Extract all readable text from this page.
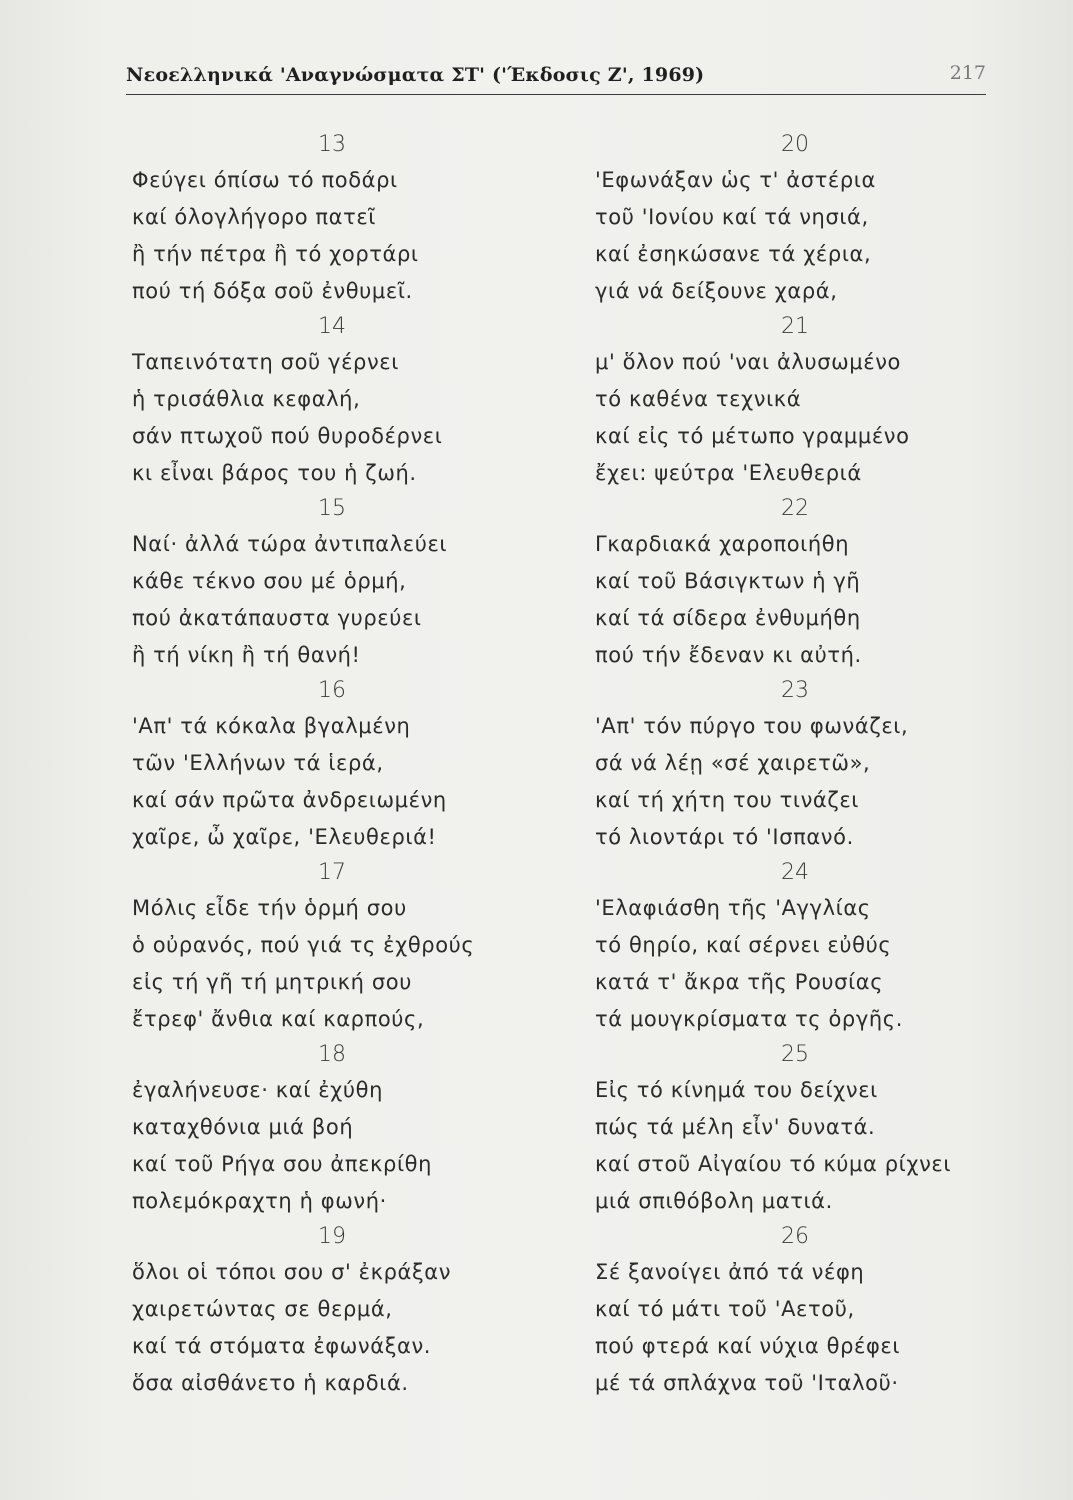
Νεοελληνικά 'Αναγνώσματα ΣΤ' ('Έκδοσις Ζ', 1969)	217
13
Φεύγει όπίσω τό ποδάρι
καί όλογλήγορο πατεῖ
ἢ τήν πέτρα ἢ τό χορτάρι
πού τή δόξα σοῦ ἐνθυμεῖ.
14
Ταπεινότατη σοῦ γέρνει
ἡ τρισάθλια κεφαλή,
σάν πτωχοῦ πού θυροδέρνει
κι εἶναι βάρος του ἡ ζωή.
15
Ναί· ἀλλά τώρα ἀντιπαλεύει
κάθε τέκνο σου μέ ὁρμή,
πού ἀκατάπαυστα γυρεύει
ἢ τή νίκη ἢ τή θανή!
16
'Απ' τά κόκαλα βγαλμένη
τῶν 'Ελλήνων τά ἱερά,
καί σάν πρῶτα ἀνδρειωμένη
χαῖρε, ὦ χαῖρε, 'Ελευθεριά!
17
Μόλις εἶδε τήν ὁρμή σου
ὁ οὐρανός, πού γιά τς ἐχθρούς
εἰς τή γῆ τή μητρική σου
ἔτρεφ' ἄνθια καί καρπούς,
18
ἐγαλήνευσε· καί ἐχύθη
καταχθόνια μιά βοή
καί τοῦ Ρήγα σου ἀπεκρίθη
πολεμόκραχτη ἡ φωνή·
19
ὅλοι οἱ τόποι σου σ' ἐκράξαν
χαιρετώντας σε θερμά,
καί τά στόματα ἐφωνάξαν.
ὅσα αἰσθάνετο ἡ καρδιά.
20
'Εφωνάξαν ὡς τ' ἀστέρια
τοῦ 'Ιονίου καί τά νησιά,
καί ἐσηκώσανε τά χέρια,
γιά νά δείξουνε χαρά,
21
μ' ὅλον πού 'ναι ἀλυσωμένο
τό καθένα τεχνικά
καί εἰς τό μέτωπο γραμμένο
ἔχει: ψεύτρα 'Ελευθεριά
22
Γκαρδιακά χαροποιήθη
καί τοῦ Βάσιγκτων ἡ γῆ
καί τά σίδερα ἐνθυμήθη
πού τήν ἔδεναν κι αὐτή.
23
'Απ' τόν πύργο του φωνάζει,
σά νά λέῃ «σέ χαιρετῶ»,
καί τή χήτη του τινάζει
τό λιοντάρι τό 'Ισπανό.
24
'Ελαφιάσθη τῆς 'Αγγλίας
τό θηρίο, καί σέρνει εὐθύς
κατά τ' ἄκρα τῆς Ρουσίας
τά μουγκρίσματα τς ὀργῆς.
25
Εἰς τό κίνημά του δείχνει
πώς τά μέλη εἶν' δυνατά.
καί στοῦ Αἰγαίου τό κύμα ρίχνει
μιά σπιθόβολη ματιά.
26
Σέ ξανοίγει ἀπό τά νέφη
καί τό μάτι τοῦ 'Αετοῦ,
πού φτερά καί νύχια θρέφει
μέ τά σπλάχνα τοῦ 'Ιταλοῦ·
